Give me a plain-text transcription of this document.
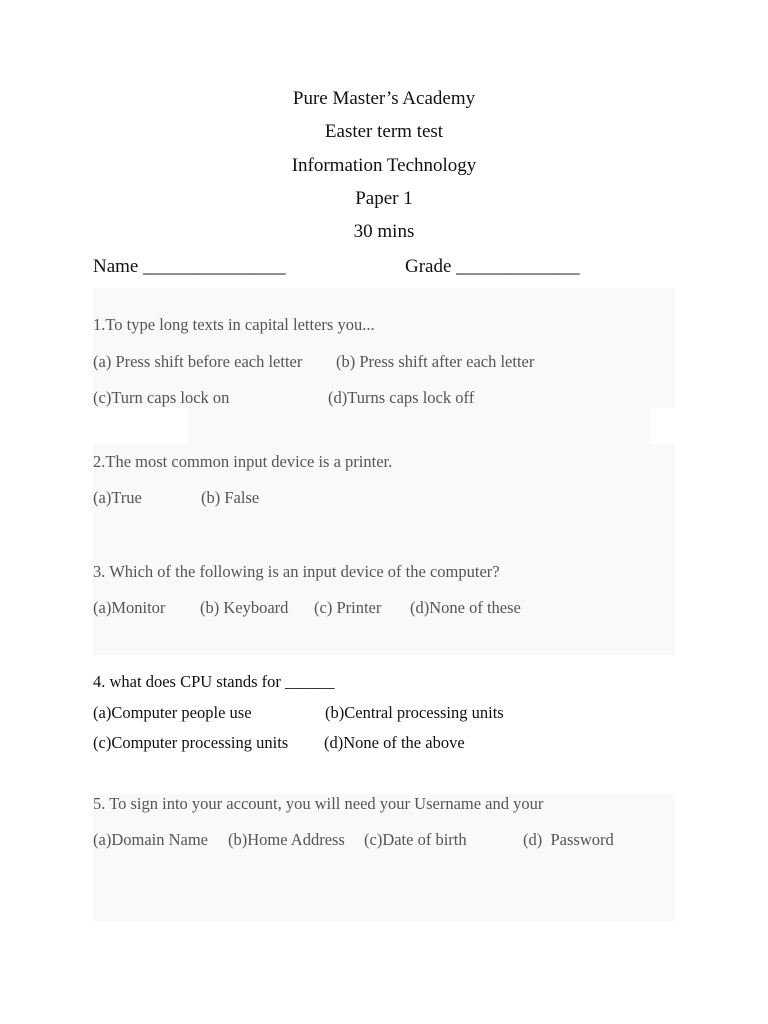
Pure Master’s Academy
Easter term test
Information Technology
Paper 1
30 mins
Name _______________	Grade _____________
1.To type long texts in capital letters you...
(a) Press shift before each letter (b) Press shift after each letter
(c)Turn caps lock on	(d)Turns caps lock off
2.The most common input device is a printer.
(a)True	(b) False
3. Which of the following is an input device of the computer?
(a)Monitor (b) Keyboard (c) Printer (d)None of these
4. what does CPU stands for ______
(a)Computer people use	(b)Central processing units
(c)Computer processing units (d)None of the above
5. To sign into your account, you will need your Username and your
(a)Domain Name (b)Home Address (c)Date of birth	(d)  Password
